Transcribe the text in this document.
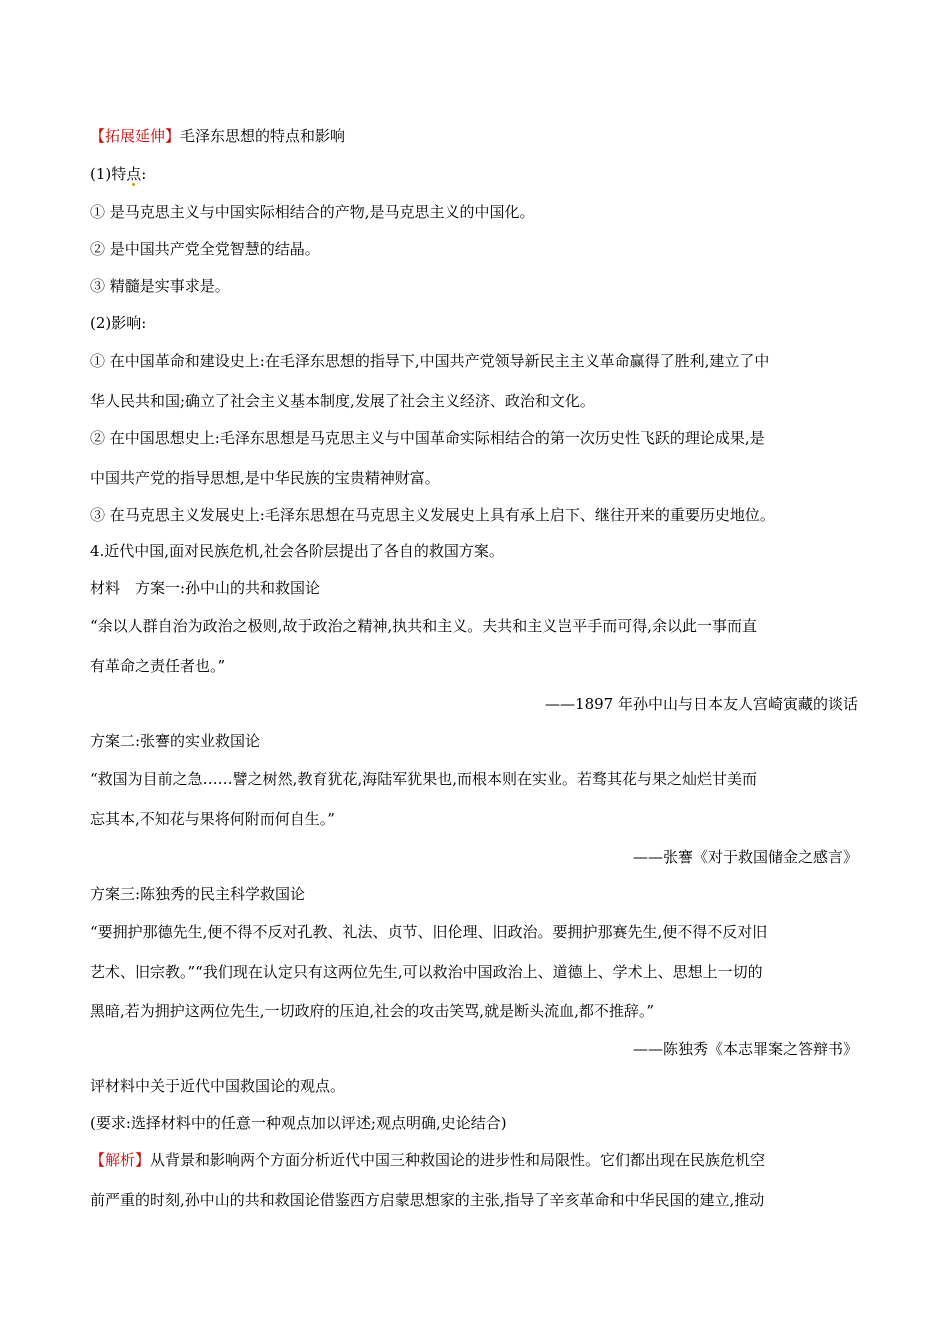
【拓展延伸】毛泽东思想的特点和影响
(1)特点:
① 是马克思主义与中国实际相结合的产物,是马克思主义的中国化。
② 是中国共产党全党智慧的结晶。
③ 精髓是实事求是。
(2)影响:
① 在中国革命和建设史上:在毛泽东思想的指导下,中国共产党领导新民主主义革命赢得了胜利,建立了中
华人民共和国;确立了社会主义基本制度,发展了社会主义经济、政治和文化。
② 在中国思想史上:毛泽东思想是马克思主义与中国革命实际相结合的第一次历史性飞跃的理论成果,是
中国共产党的指导思想,是中华民族的宝贵精神财富。
③ 在马克思主义发展史上:毛泽东思想在马克思主义发展史上具有承上启下、继往开来的重要历史地位。
4.近代中国,面对民族危机,社会各阶层提出了各自的救国方案。
材料　方案一:孙中山的共和救国论
“余以人群自治为政治之极则,故于政治之精神,执共和主义。夫共和主义岂平手而可得,余以此一事而直
有革命之责任者也。”
——1897 年孙中山与日本友人宫崎寅藏的谈话
方案二:张謇的实业救国论
“救国为目前之急……譬之树然,教育犹花,海陆军犹果也,而根本则在实业。若骛其花与果之灿烂甘美而
忘其本,不知花与果将何附而何自生。”
——张謇《对于救国储金之感言》
方案三:陈独秀的民主科学救国论
“要拥护那德先生,便不得不反对孔教、礼法、贞节、旧伦理、旧政治。要拥护那赛先生,便不得不反对旧
艺术、旧宗教。”“我们现在认定只有这两位先生,可以救治中国政治上、道德上、学术上、思想上一切的
黑暗,若为拥护这两位先生,一切政府的压迫,社会的攻击笑骂,就是断头流血,都不推辞。”
——陈独秀《本志罪案之答辩书》
评材料中关于近代中国救国论的观点。
(要求:选择材料中的任意一种观点加以评述;观点明确,史论结合)
【解析】从背景和影响两个方面分析近代中国三种救国论的进步性和局限性。它们都出现在民族危机空
前严重的时刻,孙中山的共和救国论借鉴西方启蒙思想家的主张,指导了辛亥革命和中华民国的建立,推动
